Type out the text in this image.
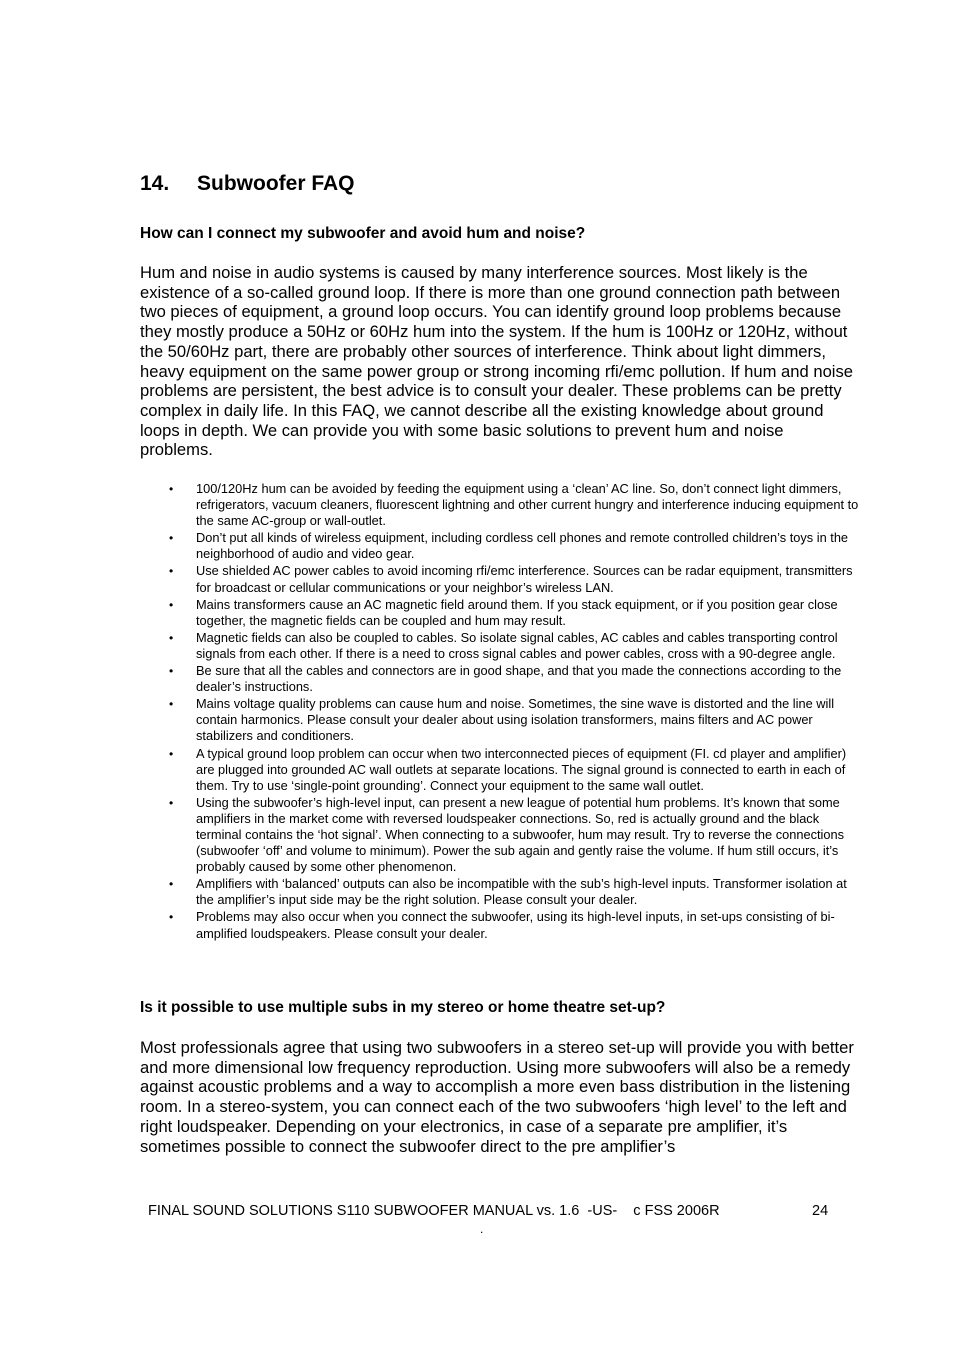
14. Subwoofer FAQ

How can I connect my subwoofer and avoid hum and noise?

Hum and noise in audio systems is caused by many interference sources. Most likely is the existence of a so-called ground loop. If there is more than one ground connection path between two pieces of equipment, a ground loop occurs. You can identify ground loop problems because they mostly produce a 50Hz or 60Hz hum into the system. If the hum is 100Hz or 120Hz, without the 50/60Hz part, there are probably other sources of interference. Think about light dimmers, heavy equipment on the same power group or strong incoming rfi/emc pollution. If hum and noise problems are persistent, the best advice is to consult your dealer. These problems can be pretty complex in daily life. In this FAQ, we cannot describe all the existing knowledge about ground loops in depth. We can provide you with some basic solutions to prevent hum and noise problems.

• 100/120Hz hum can be avoided by feeding the equipment using a ‘clean’ AC line. So, don’t connect light dimmers, refrigerators, vacuum cleaners, fluorescent lightning and other current hungry and interference inducing equipment to the same AC-group or wall-outlet.
• Don’t put all kinds of wireless equipment, including cordless cell phones and remote controlled children’s toys in the neighborhood of audio and video gear.
• Use shielded AC power cables to avoid incoming rfi/emc interference. Sources can be radar equipment, transmitters for broadcast or cellular communications or your neighbor’s wireless LAN.
• Mains transformers cause an AC magnetic field around them. If you stack equipment, or if you position gear close together, the magnetic fields can be coupled and hum may result.
• Magnetic fields can also be coupled to cables. So isolate signal cables, AC cables and cables transporting control signals from each other. If there is a need to cross signal cables and power cables, cross with a 90-degree angle.
• Be sure that all the cables and connectors are in good shape, and that you made the connections according to the dealer’s instructions.
• Mains voltage quality problems can cause hum and noise. Sometimes, the sine wave is distorted and the line will contain harmonics. Please consult your dealer about using isolation transformers, mains filters and AC power stabilizers and conditioners.
• A typical ground loop problem can occur when two interconnected pieces of equipment (FI. cd player and amplifier) are plugged into grounded AC wall outlets at separate locations. The signal ground is connected to earth in each of them. Try to use ‘single-point grounding’. Connect your equipment to the same wall outlet.
• Using the subwoofer’s high-level input, can present a new league of potential hum problems. It’s known that some amplifiers in the market come with reversed loudspeaker connections. So, red is actually ground and the black terminal contains the ‘hot signal’. When connecting to a subwoofer, hum may result. Try to reverse the connections (subwoofer ‘off’ and volume to minimum). Power the sub again and gently raise the volume. If hum still occurs, it’s probably caused by some other phenomenon.
• Amplifiers with ‘balanced’ outputs can also be incompatible with the sub’s high-level inputs. Transformer isolation at the amplifier’s input side may be the right solution. Please consult your dealer.
• Problems may also occur when you connect the subwoofer, using its high-level inputs, in set-ups consisting of bi-amplified loudspeakers. Please consult your dealer.

Is it possible to use multiple subs in my stereo or home theatre set-up?

Most professionals agree that using two subwoofers in a stereo set-up will provide you with better and more dimensional low frequency reproduction. Using more subwoofers will also be a remedy against acoustic problems and a way to accomplish a more even bass distribution in the listening room. In a stereo-system, you can connect each of the two subwoofers ‘high level’ to the left and right loudspeaker. Depending on your electronics, in case of a separate pre amplifier, it’s sometimes possible to connect the subwoofer direct to the pre amplifier’s

FINAL SOUND SOLUTIONS S110 SUBWOOFER MANUAL vs. 1.6  -US-    c FSS 2006R	24
.
